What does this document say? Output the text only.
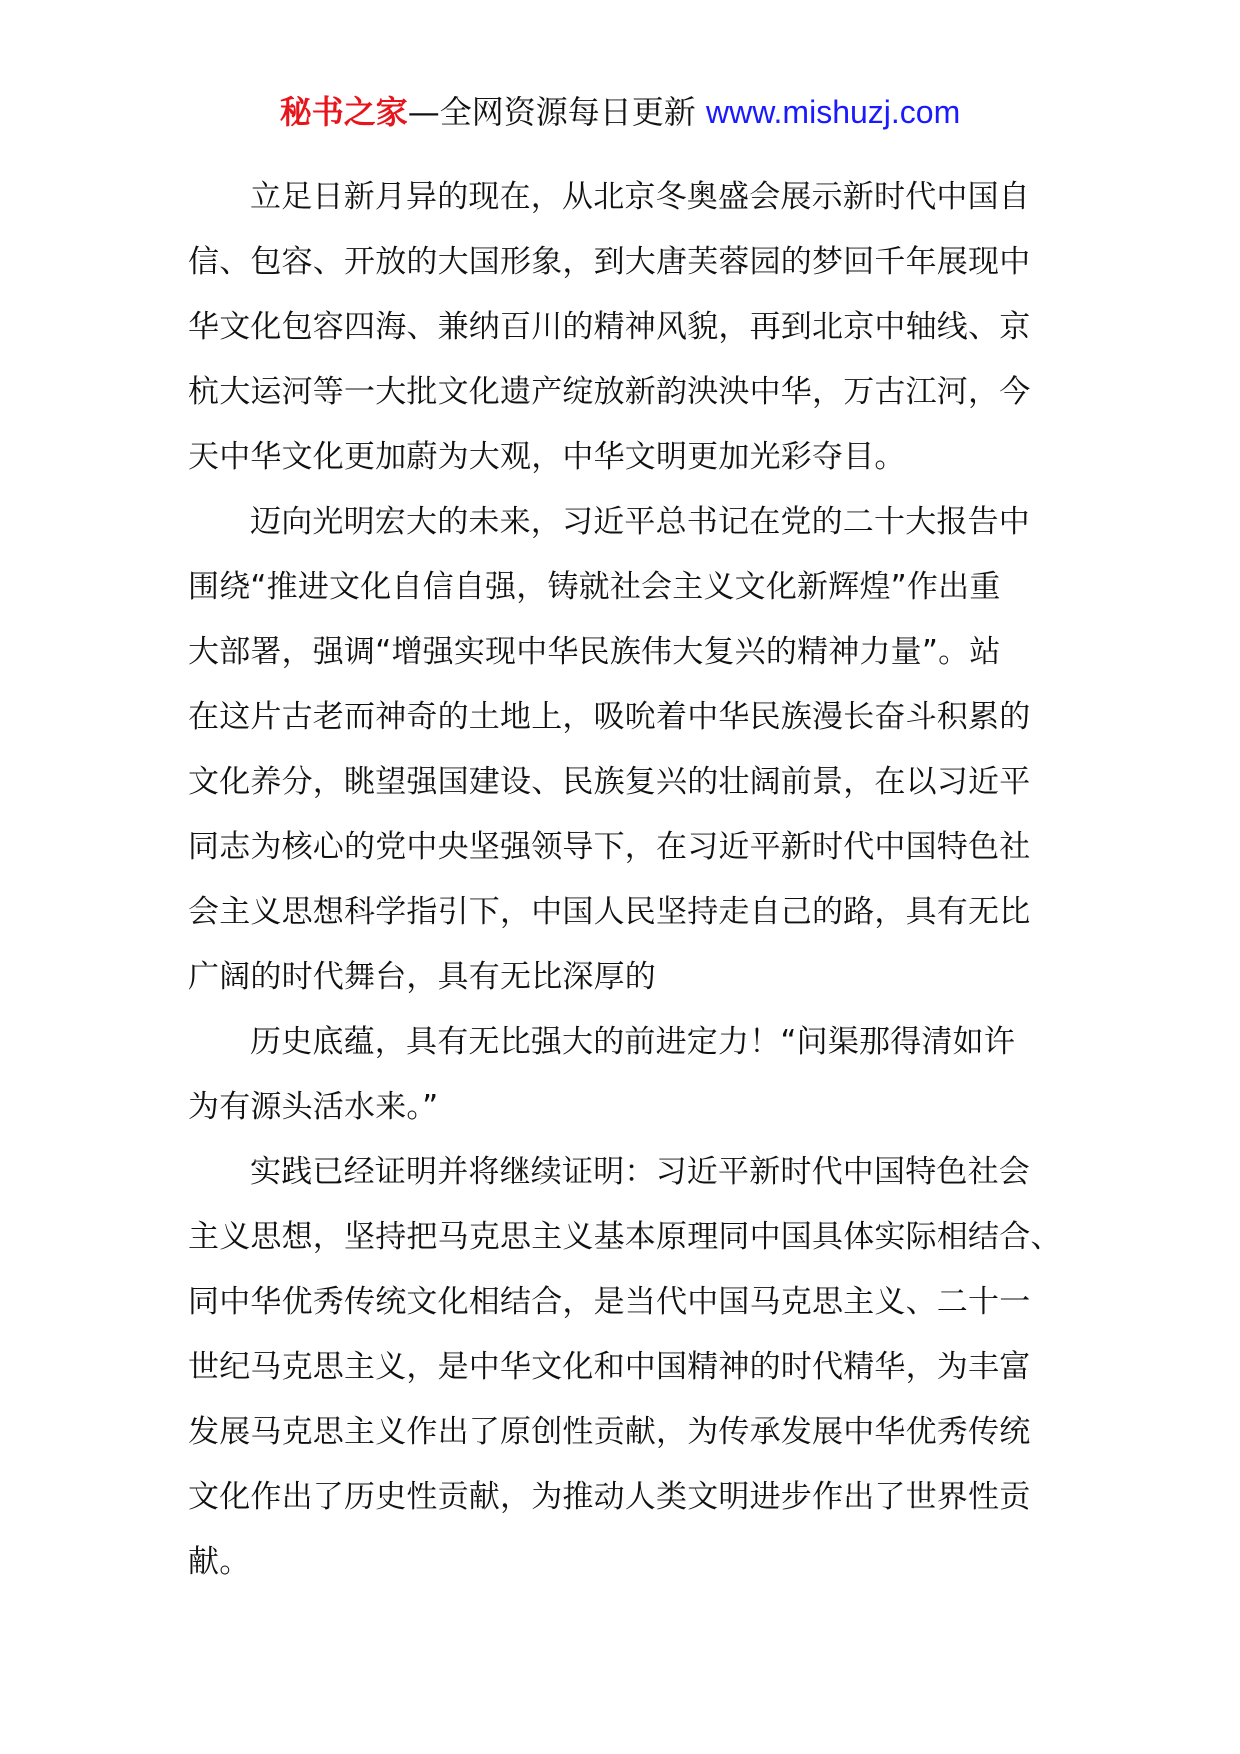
秘书之家—全网资源每日更新 www.mishuzj.com

立足日新月异的现在，从北京冬奥盛会展示新时代中国自
信、包容、开放的大国形象，到大唐芙蓉园的梦回千年展现中
华文化包容四海、兼纳百川的精神风貌，再到北京中轴线、京
杭大运河等一大批文化遗产绽放新韵泱泱中华，万古江河，今
天中华文化更加蔚为大观，中华文明更加光彩夺目。

迈向光明宏大的未来，习近平总书记在党的二十大报告中
围绕“推进文化自信自强，铸就社会主义文化新辉煌”作出重
大部署，强调“增强实现中华民族伟大复兴的精神力量”。站
在这片古老而神奇的土地上，吸吮着中华民族漫长奋斗积累的
文化养分，眺望强国建设、民族复兴的壮阔前景，在以习近平
同志为核心的党中央坚强领导下，在习近平新时代中国特色社
会主义思想科学指引下，中国人民坚持走自己的路，具有无比
广阔的时代舞台，具有无比深厚的

历史底蕴，具有无比强大的前进定力！“问渠那得清如许
为有源头活水来。”

实践已经证明并将继续证明：习近平新时代中国特色社会
主义思想，坚持把马克思主义基本原理同中国具体实际相结合、
同中华优秀传统文化相结合，是当代中国马克思主义、二十一
世纪马克思主义，是中华文化和中国精神的时代精华，为丰富
发展马克思主义作出了原创性贡献，为传承发展中华优秀传统
文化作出了历史性贡献，为推动人类文明进步作出了世界性贡
献。
